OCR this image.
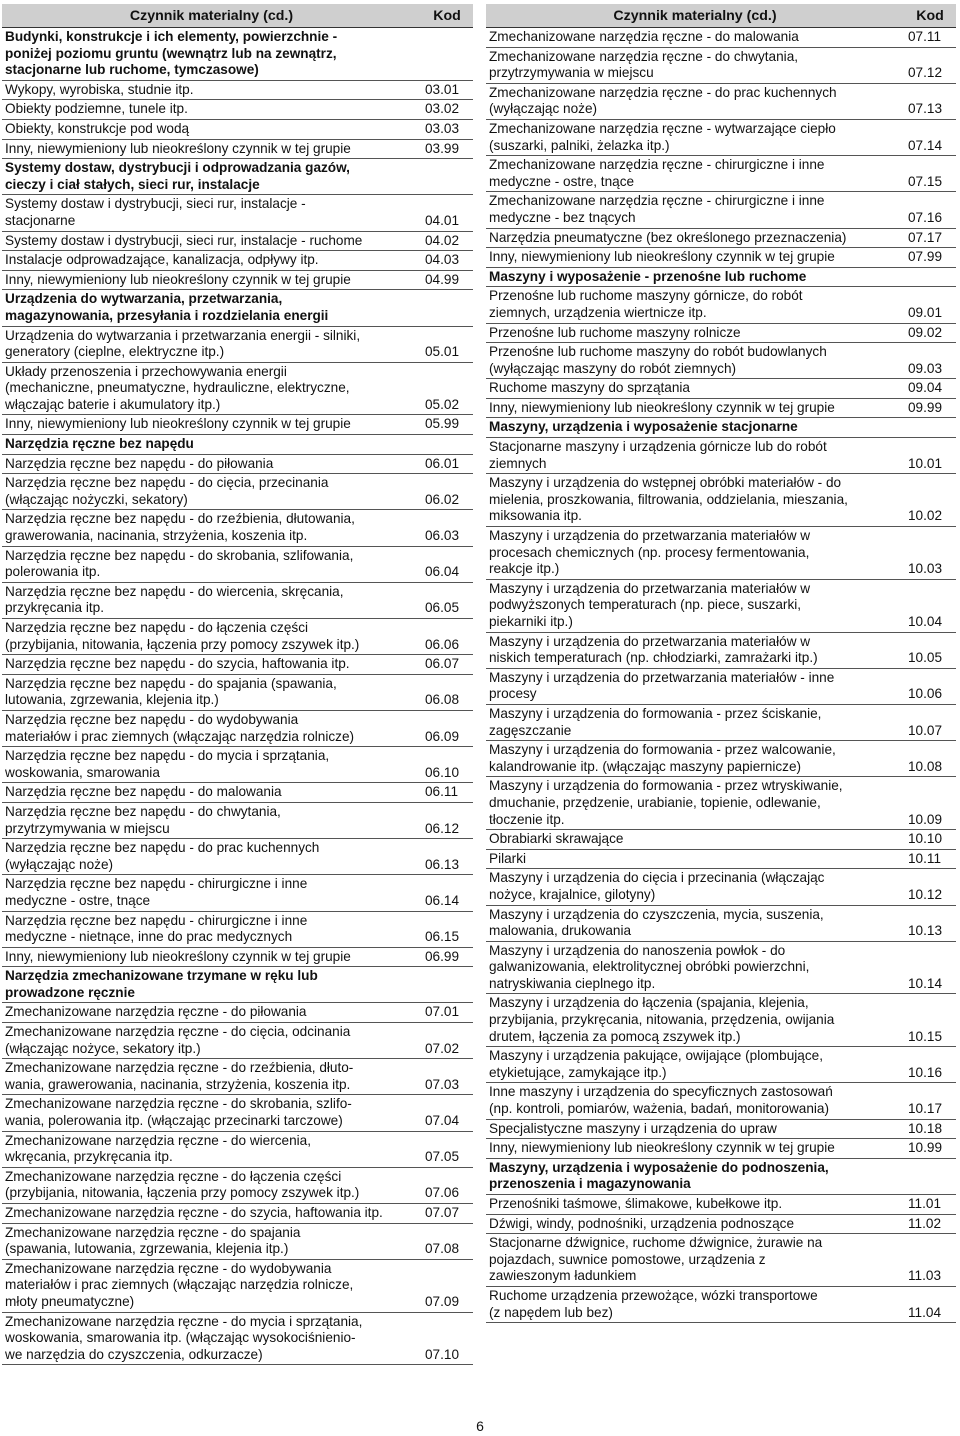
Czynnik materialny (cd.)	Kod
Budynki, konstrukcje i ich elementy, powierzchnie -
poniżej poziomu gruntu (wewnątrz lub na zewnątrz,
stacjonarne lub ruchome, tymczasowe)	
Wykopy, wyrobiska, studnie itp.	03.01
Obiekty podziemne, tunele itp.	03.02
Obiekty, konstrukcje pod wodą	03.03
Inny, niewymieniony lub nieokreślony czynnik w tej grupie	03.99
Systemy dostaw, dystrybucji i odprowadzania gazów,
cieczy i ciał stałych, sieci rur, instalacje	
Systemy dostaw i dystrybucji, sieci rur, instalacje -
stacjonarne	04.01
Systemy dostaw i dystrybucji, sieci rur, instalacje - ruchome	04.02
Instalacje odprowadzające, kanalizacja, odpływy itp.	04.03
Inny, niewymieniony lub nieokreślony czynnik w tej grupie	04.99
Urządzenia do wytwarzania, przetwarzania,
magazynowania, przesyłania i rozdzielania energii	
Urządzenia do wytwarzania i przetwarzania energii - silniki,
generatory (cieplne, elektryczne itp.)	05.01
Układy przenoszenia i przechowywania energii
(mechaniczne, pneumatyczne, hydrauliczne, elektryczne,
włączając baterie i akumulatory itp.)	05.02
Inny, niewymieniony lub nieokreślony czynnik w tej grupie	05.99
Narzędzia ręczne bez napędu	
Narzędzia ręczne bez napędu - do piłowania	06.01
Narzędzia ręczne bez napędu - do cięcia, przecinania
(włączając nożyczki, sekatory)	06.02
Narzędzia ręczne bez napędu - do rzeźbienia, dłutowania,
grawerowania, nacinania, strzyżenia, koszenia itp.	06.03
Narzędzia ręczne bez napędu - do skrobania, szlifowania,
polerowania itp.	06.04
Narzędzia ręczne bez napędu - do wiercenia, skręcania,
przykręcania itp.	06.05
Narzędzia ręczne bez napędu - do łączenia części
(przybijania, nitowania, łączenia przy pomocy zszywek itp.)	06.06
Narzędzia ręczne bez napędu - do szycia, haftowania itp.	06.07
Narzędzia ręczne bez napędu - do spajania (spawania,
lutowania, zgrzewania, klejenia itp.)	06.08
Narzędzia ręczne bez napędu - do wydobywania
materiałów i prac ziemnych (włączając narzędzia rolnicze)	06.09
Narzędzia ręczne bez napędu - do mycia i sprzątania,
woskowania, smarowania	06.10
Narzędzia ręczne bez napędu - do malowania	06.11
Narzędzia ręczne bez napędu - do chwytania,
przytrzymywania w miejscu	06.12
Narzędzia ręczne bez napędu - do prac kuchennych
(wyłączając noże)	06.13
Narzędzia ręczne bez napędu - chirurgiczne i inne
medyczne - ostre, tnące	06.14
Narzędzia ręczne bez napędu - chirurgiczne i inne
medyczne - nietnące, inne do prac medycznych	06.15
Inny, niewymieniony lub nieokreślony czynnik w tej grupie	06.99
Narzędzia zmechanizowane trzymane w ręku lub
prowadzone ręcznie	
Zmechanizowane narzędzia ręczne - do piłowania	07.01
Zmechanizowane narzędzia ręczne - do cięcia, odcinania
(włączając nożyce, sekatory itp.)	07.02
Zmechanizowane narzędzia ręczne - do rzeźbienia, dłuto-
wania, grawerowania, nacinania, strzyżenia, koszenia itp.	07.03
Zmechanizowane narzędzia ręczne - do skrobania, szlifo-
wania, polerowania itp. (włączając przecinarki tarczowe)	07.04
Zmechanizowane narzędzia ręczne - do wiercenia,
wkręcania, przykręcania itp.	07.05
Zmechanizowane narzędzia ręczne - do łączenia części
(przybijania, nitowania, łączenia przy pomocy zszywek itp.)	07.06
Zmechanizowane narzędzia ręczne - do szycia, haftowania itp.	07.07
Zmechanizowane narzędzia ręczne - do spajania
(spawania, lutowania, zgrzewania, klejenia itp.)	07.08
Zmechanizowane narzędzia ręczne - do wydobywania
materiałów i prac ziemnych (włączając narzędzia rolnicze,
młoty pneumatyczne)	07.09
Zmechanizowane narzędzia ręczne - do mycia i sprzątania,
woskowania, smarowania itp. (włączając wysokociśnienio-
we narzędzia do czyszczenia, odkurzacze)	07.10
Czynnik materialny (cd.)	Kod
Zmechanizowane narzędzia ręczne - do malowania	07.11
Zmechanizowane narzędzia ręczne - do chwytania,
przytrzymywania w miejscu	07.12
Zmechanizowane narzędzia ręczne - do prac kuchennych
(wyłączając noże)	07.13
Zmechanizowane narzędzia ręczne - wytwarzające ciepło
(suszarki, palniki, żelazka itp.)	07.14
Zmechanizowane narzędzia ręczne - chirurgiczne i inne
medyczne - ostre, tnące	07.15
Zmechanizowane narzędzia ręczne - chirurgiczne i inne
medyczne - bez tnących	07.16
Narzędzia pneumatyczne (bez określonego przeznaczenia)	07.17
Inny, niewymieniony lub nieokreślony czynnik w tej grupie	07.99
Maszyny i wyposażenie - przenośne lub ruchome	
Przenośne lub ruchome maszyny górnicze, do robót
ziemnych, urządzenia wiertnicze itp.	09.01
Przenośne lub ruchome maszyny rolnicze	09.02
Przenośne lub ruchome maszyny do robót budowlanych
(wyłączając maszyny do robót ziemnych)	09.03
Ruchome maszyny do sprzątania	09.04
Inny, niewymieniony lub nieokreślony czynnik w tej grupie	09.99
Maszyny, urządzenia i wyposażenie stacjonarne	
Stacjonarne maszyny i urządzenia górnicze lub do robót
ziemnych	10.01
Maszyny i urządzenia do wstępnej obróbki materiałów - do
mielenia, proszkowania, filtrowania, oddzielania, mieszania,
miksowania itp.	10.02
Maszyny i urządzenia do przetwarzania materiałów w
procesach chemicznych (np. procesy fermentowania,
reakcje itp.)	10.03
Maszyny i urządzenia do przetwarzania materiałów w
podwyższonych temperaturach (np. piece, suszarki,
piekarniki itp.)	10.04
Maszyny i urządzenia do przetwarzania materiałów w
niskich temperaturach (np. chłodziarki, zamrażarki itp.)	10.05
Maszyny i urządzenia do przetwarzania materiałów - inne
procesy	10.06
Maszyny i urządzenia do formowania - przez ściskanie,
zagęszczanie	10.07
Maszyny i urządzenia do formowania - przez walcowanie,
kalandrowanie itp. (włączając maszyny papiernicze)	10.08
Maszyny i urządzenia do formowania - przez wtryskiwanie,
dmuchanie, przędzenie, urabianie, topienie, odlewanie,
tłoczenie itp.	10.09
Obrabiarki skrawające	10.10
Pilarki	10.11
Maszyny i urządzenia do cięcia i przecinania (włączając
nożyce, krajalnice, gilotyny)	10.12
Maszyny i urządzenia do czyszczenia, mycia, suszenia,
malowania, drukowania	10.13
Maszyny i urządzenia do nanoszenia powłok - do
galwanizowania, elektrolitycznej obróbki powierzchni,
natryskiwania cieplnego itp.	10.14
Maszyny i urządzenia do łączenia (spajania, klejenia,
przybijania, przykręcania, nitowania, przędzenia, owijania
drutem, łączenia za pomocą zszywek itp.)	10.15
Maszyny i urządzenia pakujące, owijające (plombujące,
etykietujące, zamykające itp.)	10.16
Inne maszyny i urządzenia do specyficznych zastosowań
(np. kontroli, pomiarów, ważenia, badań, monitorowania)	10.17
Specjalistyczne maszyny i urządzenia do upraw	10.18
Inny, niewymieniony lub nieokreślony czynnik w tej grupie	10.99
Maszyny, urządzenia i wyposażenie do podnoszenia,
przenoszenia i magazynowania	
Przenośniki taśmowe, ślimakowe, kubełkowe itp.	11.01
Dźwigi, windy, podnośniki, urządzenia podnoszące	11.02
Stacjonarne dźwignice, ruchome dźwignice, żurawie na
pojazdach, suwnice pomostowe, urządzenia z
zawieszonym ładunkiem	11.03
Ruchome urządzenia przewożące, wózki transportowe
(z napędem lub bez)	11.04
6
